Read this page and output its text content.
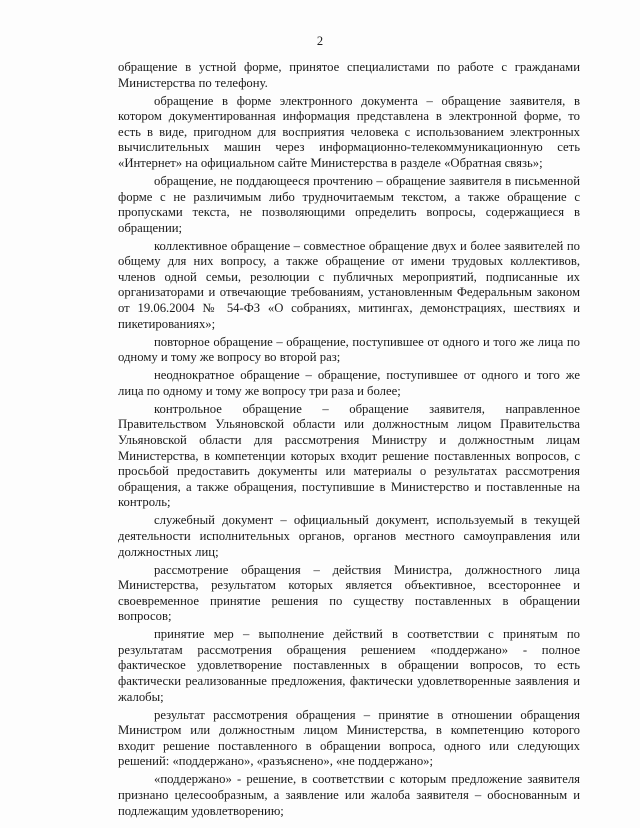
2

обращение в устной форме, принятое специалистами по работе с гражданами Министерства по телефону.

обращение в форме электронного документа – обращение заявителя, в котором документированная информация представлена в электронной форме, то есть в виде, пригодном для восприятия человека с использованием электронных вычислительных машин через информационно-телекоммуникационную сеть «Интернет» на официальном сайте Министерства в разделе «Обратная связь»;

обращение, не поддающееся прочтению – обращение заявителя в письменной форме с не различимым либо трудночитаемым текстом, а также обращение с пропусками текста, не позволяющими определить вопросы, содержащиеся в обращении;

коллективное обращение – совместное обращение двух и более заявителей по общему для них вопросу, а также обращение от имени трудовых коллективов, членов одной семьи, резолюции с публичных мероприятий, подписанные их организаторами и отвечающие требованиям, установленным Федеральным законом от 19.06.2004 № 54-ФЗ «О собраниях, митингах, демонстрациях, шествиях и пикетированиях»;

повторное обращение – обращение, поступившее от одного и того же лица по одному и тому же вопросу во второй раз;

неоднократное обращение – обращение, поступившее от одного и того же лица по одному и тому же вопросу три раза и более;

контрольное обращение – обращение заявителя, направленное Правительством Ульяновской области или должностным лицом Правительства Ульяновской области для рассмотрения Министру и должностным лицам Министерства, в компетенции которых входит решение поставленных вопросов, с просьбой предоставить документы или материалы о результатах рассмотрения обращения, а также обращения, поступившие в Министерство и поставленные на контроль;

служебный документ – официальный документ, используемый в текущей деятельности исполнительных органов, органов местного самоуправления или должностных лиц;

рассмотрение обращения – действия Министра, должностного лица Министерства, результатом которых является объективное, всестороннее и своевременное принятие решения по существу поставленных в обращении вопросов;

принятие мер – выполнение действий в соответствии с принятым по результатам рассмотрения обращения решением «поддержано» - полное фактическое удовлетворение поставленных в обращении вопросов, то есть фактически реализованные предложения, фактически удовлетворенные заявления и жалобы;

результат рассмотрения обращения – принятие в отношении обращения Министром или должностным лицом Министерства, в компетенцию которого входит решение поставленного в обращении вопроса, одного или следующих решений: «поддержано», «разъяснено», «не поддержано»;

«поддержано» - решение, в соответствии с которым предложение заявителя признано целесообразным, а заявление или жалоба заявителя – обоснованным и подлежащим удовлетворению;
